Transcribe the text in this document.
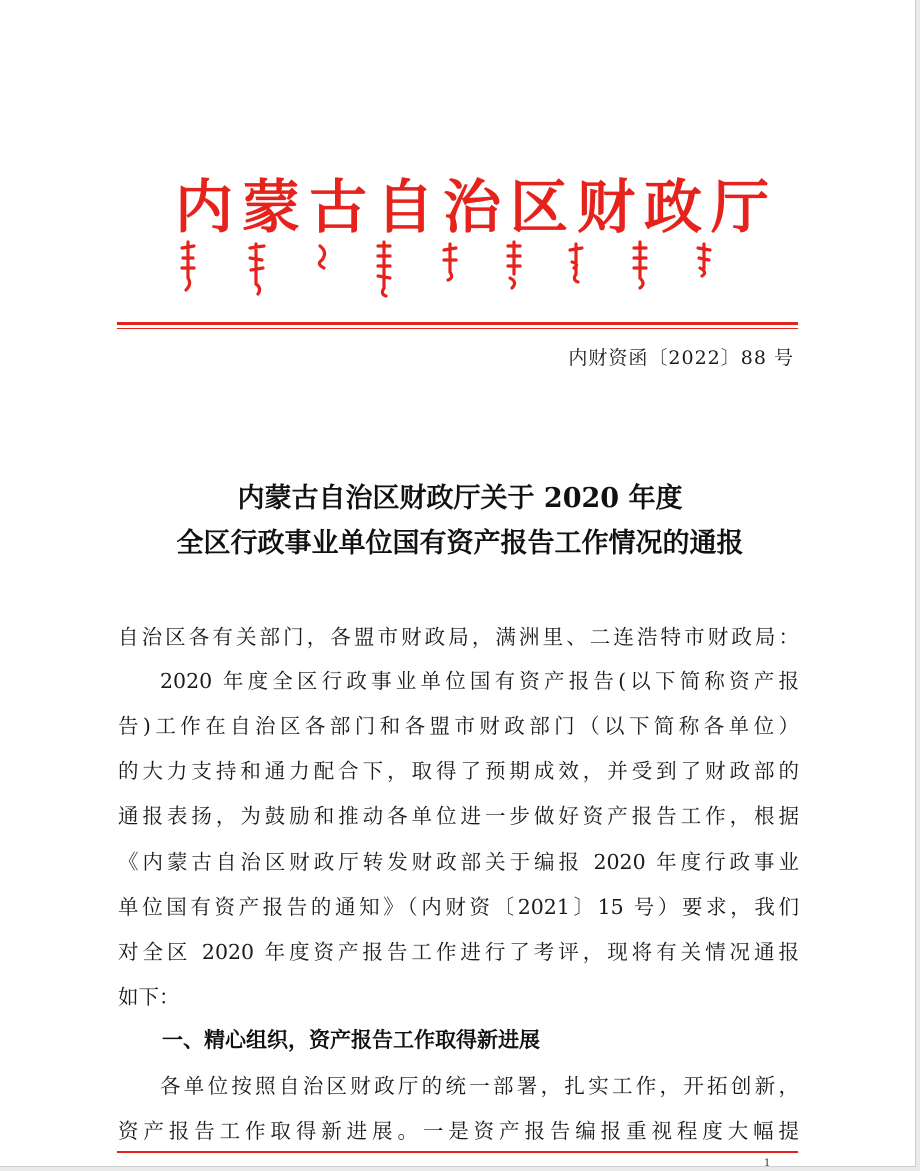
内蒙古自治区财政厅
内财资函〔2022〕88 号
内蒙古自治区财政厅关于 2020 年度
全区行政事业单位国有资产报告工作情况的通报
自治区各有关部门，各盟市财政局，满洲里、二连浩特市财政局：
2020 年度全区行政事业单位国有资产报告(以下简称资产报
告)工作在自治区各部门和各盟市财政部门（以下简称各单位）
的大力支持和通力配合下，取得了预期成效，并受到了财政部的
通报表扬，为鼓励和推动各单位进一步做好资产报告工作，根据
《内蒙古自治区财政厅转发财政部关于编报 2020 年度行政事业
单位国有资产报告的通知》（内财资〔2021〕15 号）要求，我们
对全区 2020 年度资产报告工作进行了考评，现将有关情况通报
如下：
一、精心组织，资产报告工作取得新进展
各单位按照自治区财政厅的统一部署，扎实工作，开拓创新，
资产报告工作取得新进展。一是资产报告编报重视程度大幅提
1
